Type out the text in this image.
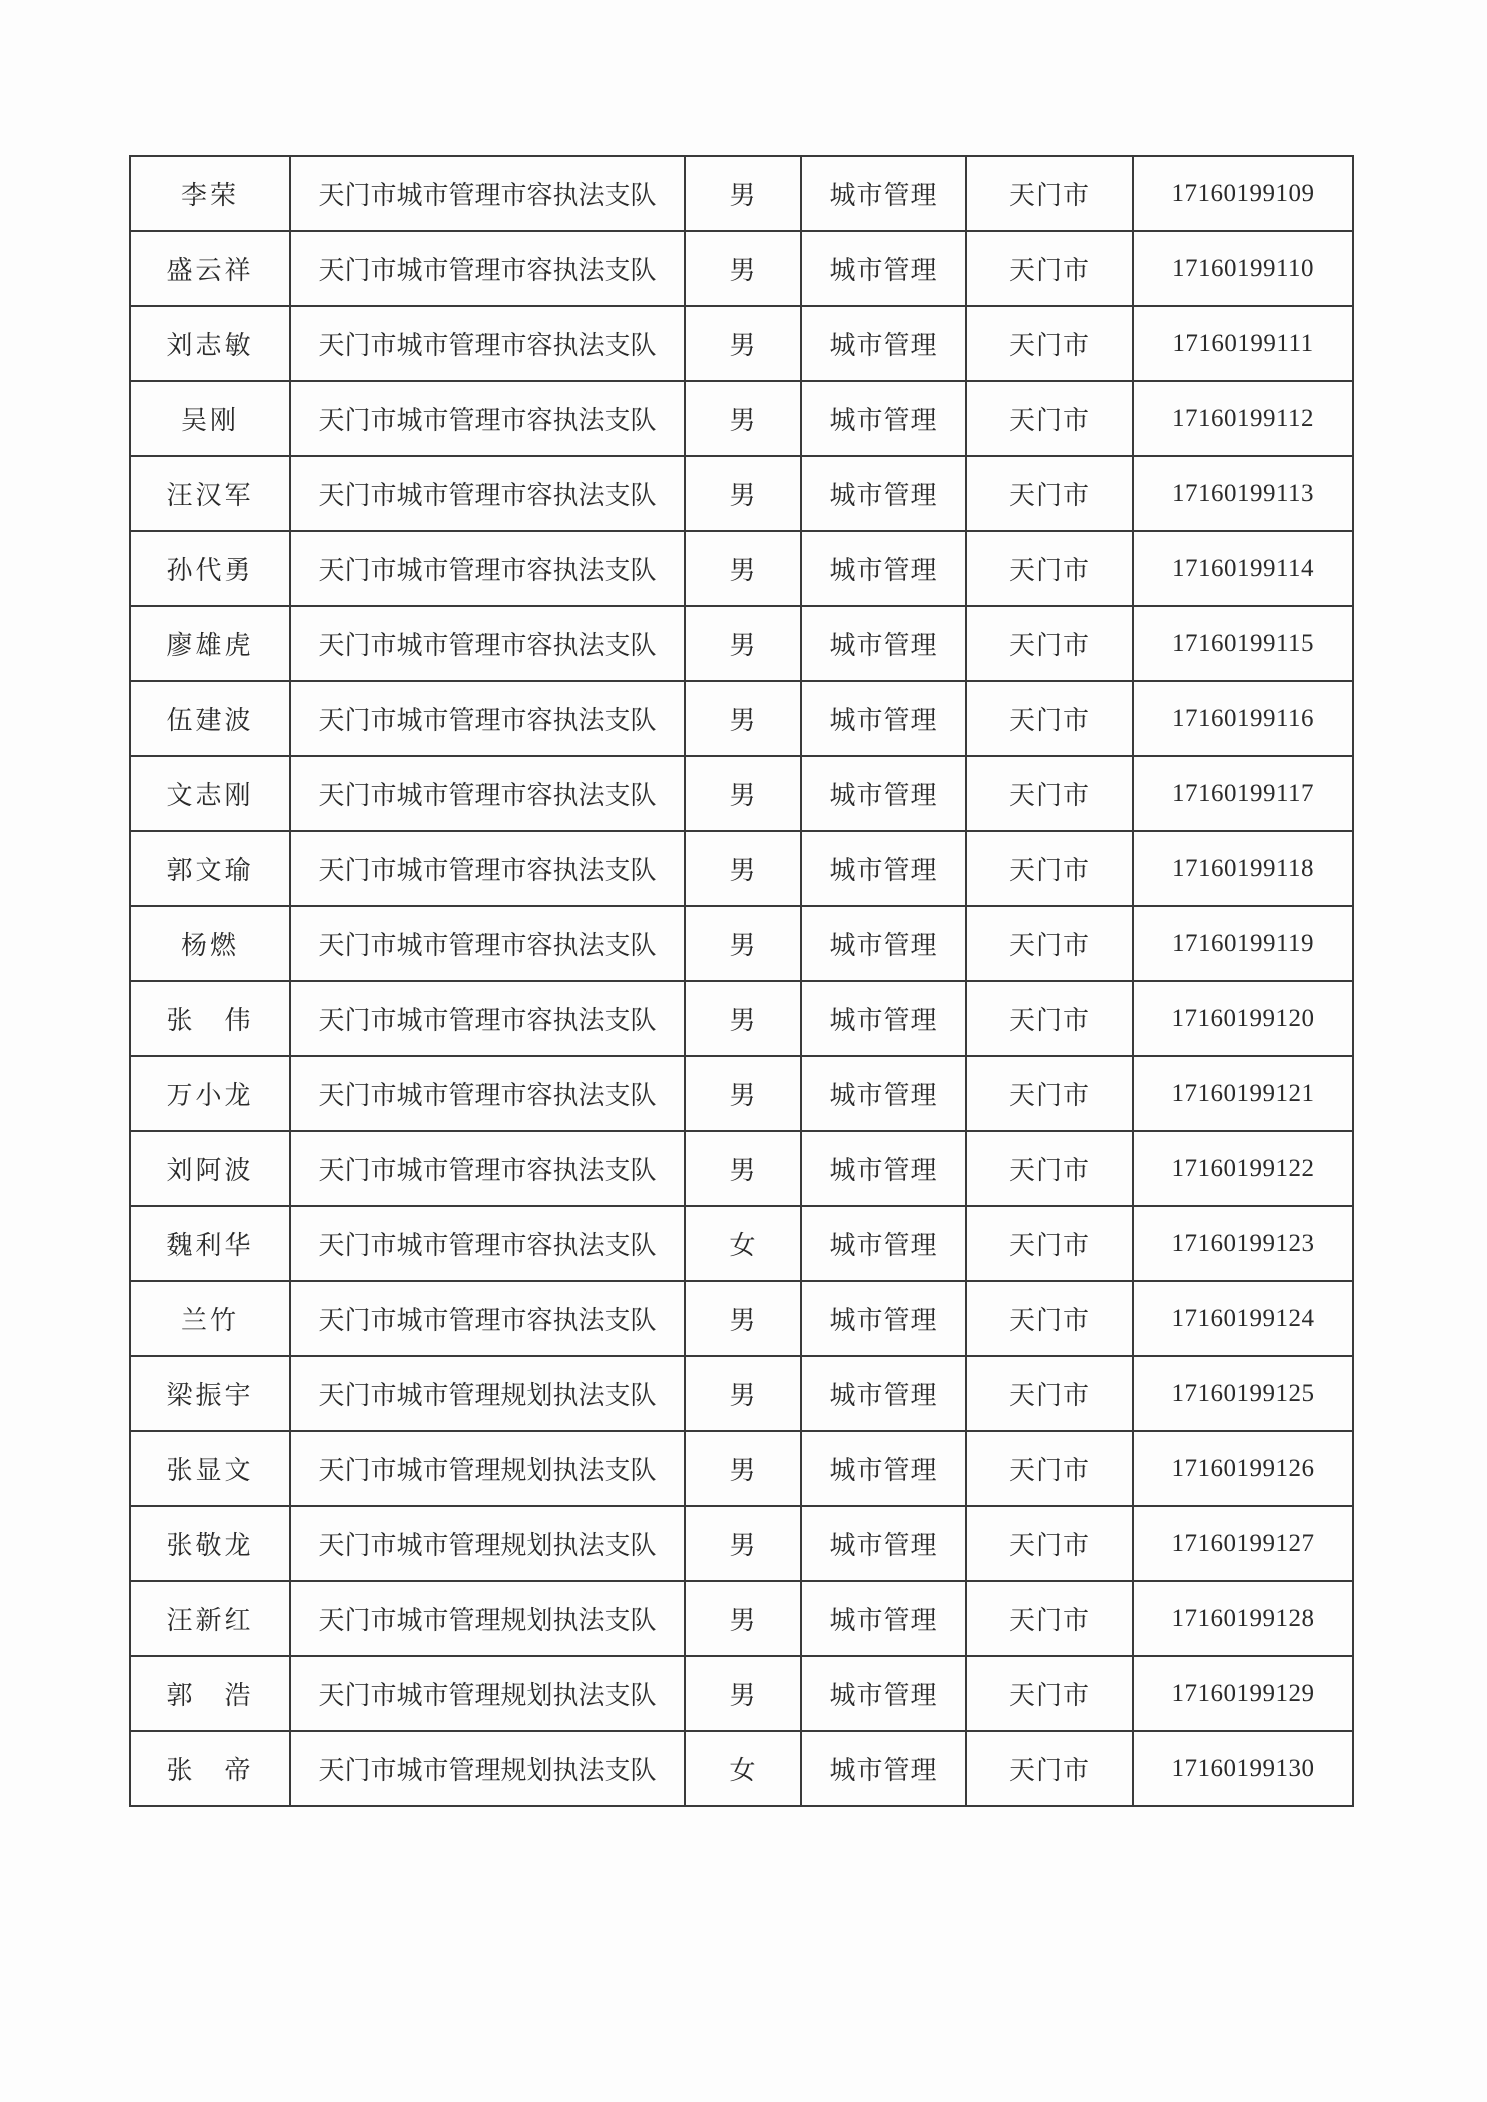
李荣	天门市城市管理市容执法支队	男	城市管理	天门市	17160199109
盛云祥	天门市城市管理市容执法支队	男	城市管理	天门市	17160199110
刘志敏	天门市城市管理市容执法支队	男	城市管理	天门市	17160199111
吴刚	天门市城市管理市容执法支队	男	城市管理	天门市	17160199112
汪汉军	天门市城市管理市容执法支队	男	城市管理	天门市	17160199113
孙代勇	天门市城市管理市容执法支队	男	城市管理	天门市	17160199114
廖雄虎	天门市城市管理市容执法支队	男	城市管理	天门市	17160199115
伍建波	天门市城市管理市容执法支队	男	城市管理	天门市	17160199116
文志刚	天门市城市管理市容执法支队	男	城市管理	天门市	17160199117
郭文瑜	天门市城市管理市容执法支队	男	城市管理	天门市	17160199118
杨燃	天门市城市管理市容执法支队	男	城市管理	天门市	17160199119
张　伟	天门市城市管理市容执法支队	男	城市管理	天门市	17160199120
万小龙	天门市城市管理市容执法支队	男	城市管理	天门市	17160199121
刘阿波	天门市城市管理市容执法支队	男	城市管理	天门市	17160199122
魏利华	天门市城市管理市容执法支队	女	城市管理	天门市	17160199123
兰竹	天门市城市管理市容执法支队	男	城市管理	天门市	17160199124
梁振宇	天门市城市管理规划执法支队	男	城市管理	天门市	17160199125
张显文	天门市城市管理规划执法支队	男	城市管理	天门市	17160199126
张敬龙	天门市城市管理规划执法支队	男	城市管理	天门市	17160199127
汪新红	天门市城市管理规划执法支队	男	城市管理	天门市	17160199128
郭　浩	天门市城市管理规划执法支队	男	城市管理	天门市	17160199129
张　帝	天门市城市管理规划执法支队	女	城市管理	天门市	17160199130
